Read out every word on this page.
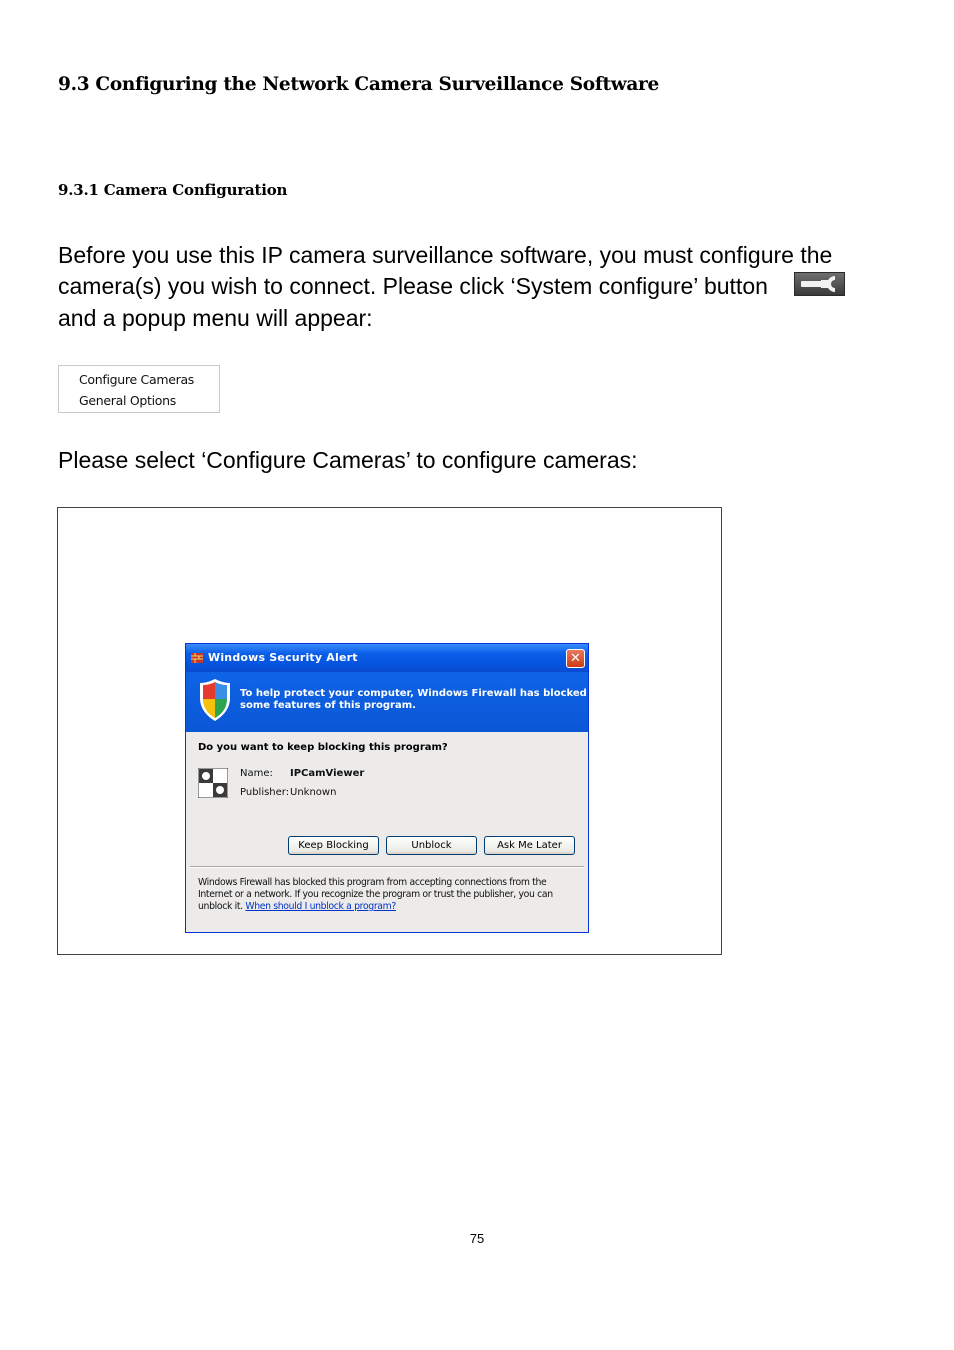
9.3 Configuring the Network Camera Surveillance Software
9.3.1 Camera Configuration
Before you use this IP camera surveillance software, you must configure the
camera(s) you wish to connect. Please click ‘System configure’ button
and a popup menu will appear:
Configure Cameras
General Options
Please select ‘Configure Cameras’ to configure cameras:
Windows Security Alert	✕
To help protect your computer, Windows Firewall has blocked
some features of this program.
Do you want to keep blocking this program?
Name: IPCamViewer
Publisher: Unknown
Keep Blocking	Unblock	Ask Me Later
Windows Firewall has blocked this program from accepting connections from the
Internet or a network. If you recognize the program or trust the publisher, you can
unblock it. When should I unblock a program?
75
